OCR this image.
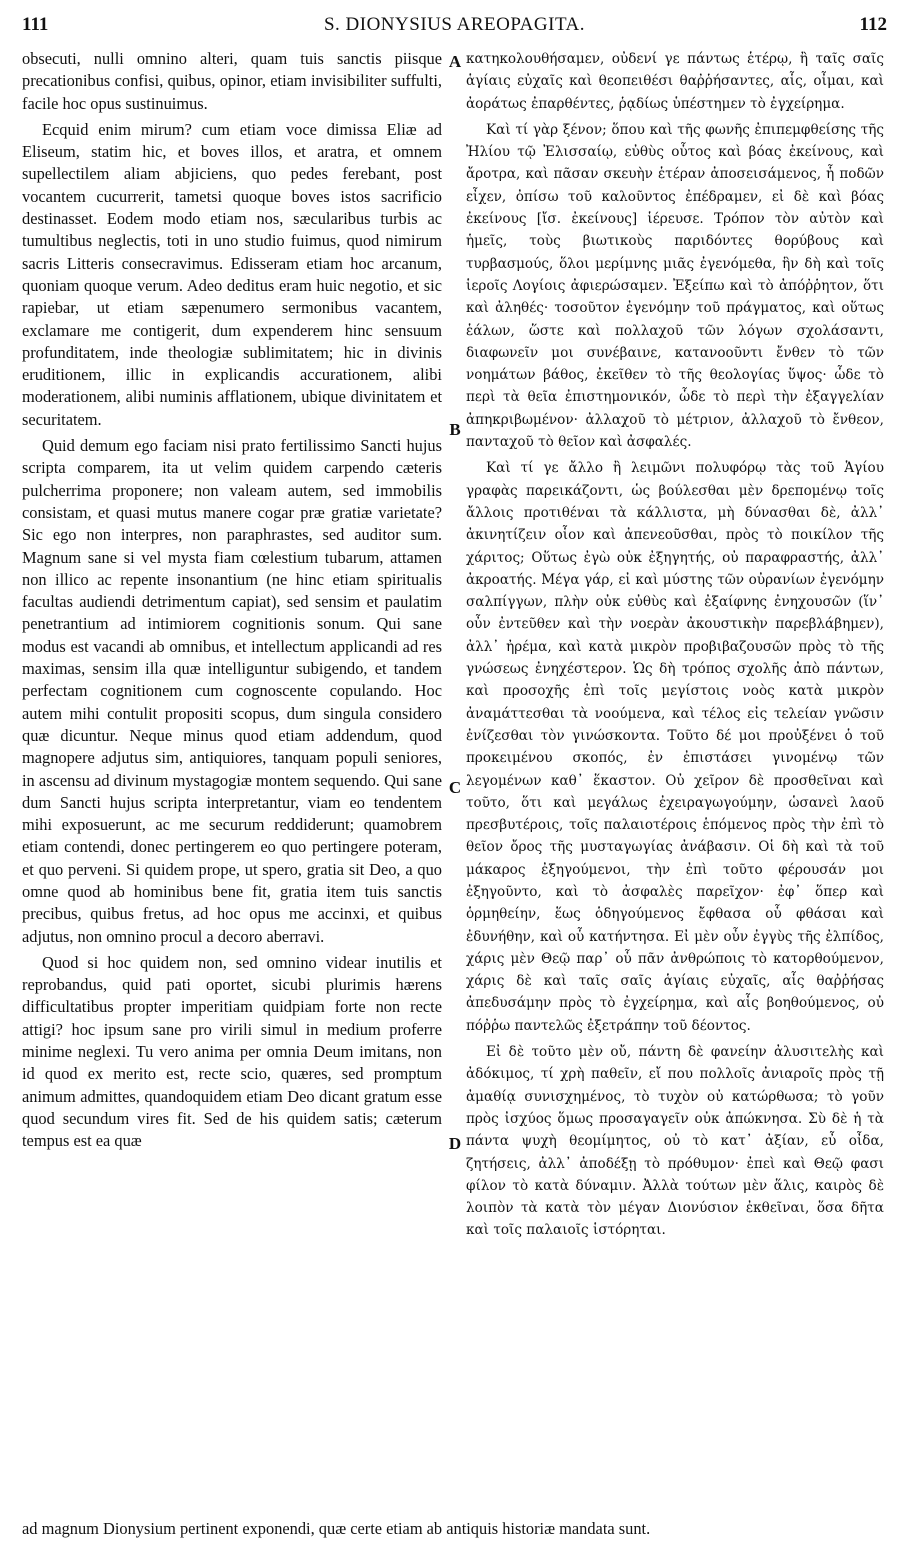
111	S. DIONYSIUS AREOPAGITA.	112

obsecuti, nulli omnino alteri, quam tuis sanctis piisque precationibus confisi, quibus, opinor, etiam invisibiliter suffulti, facile hoc opus sustinuimus.

Ecquid enim mirum? cum etiam voce dimissa Eliæ ad Eliseum, statim hic, et boves illos, et aratra, et omnem supellectilem aliam abjiciens, quo pedes ferebant, post vocantem cucurrerit, tametsi quoque boves istos sacrificio destinasset. Eodem modo etiam nos, sæcularibus turbis ac tumultibus neglectis, toti in uno studio fuimus, quod nimirum sacris Litteris consecravimus. Edisseram etiam hoc arcanum, quoniam quoque verum. Adeo deditus eram huic negotio, et sic rapiebar, ut etiam sæpenumero sermonibus vacantem, exclamare me contigerit, dum expenderem hinc sensuum profunditatem, inde theologiæ sublimitatem; hic in divinis eruditionem, illic in explicandis accurationem, alibi moderationem, alibi numinis afflationem, ubique divinitatem et securitatem.

Quid demum ego faciam nisi prato fertilissimo Sancti hujus scripta comparem, ita ut velim quidem carpendo cæteris pulcherrima proponere; non valeam autem, sed immobilis consistam, et quasi mutus manere cogar præ gratiæ varietate? Sic ego non interpres, non paraphrastes, sed auditor sum. Magnum sane si vel mysta fiam cœlestium tubarum, attamen non illico ac repente insonantium (ne hinc etiam spiritualis facultas audiendi detrimentum capiat), sed sensim et paulatim penetrantium ad intimiorem cognitionis sonum. Qui sane modus est vacandi ab omnibus, et intellectum applicandi ad res maximas, sensim illa quæ intelliguntur subigendo, et tandem perfectam cognitionem cum cognoscente copulando. Hoc autem mihi contulit propositi scopus, dum singula considero quæ dicuntur. Neque minus quod etiam addendum, quod magnopere adjutus sim, antiquiores, tanquam populi seniores, in ascensu ad divinum mystagogiæ montem sequendo. Qui sane dum Sancti hujus scripta interpretantur, viam eo tendentem mihi exposuerunt, ac me securum reddiderunt; quamobrem etiam contendi, donec pertingerem eo quo pertingere poteram, et quo perveni. Si quidem prope, ut spero, gratia sit Deo, a quo omne quod ab hominibus bene fit, gratia item tuis sanctis precibus, quibus fretus, ad hoc opus me accinxi, et quibus adjutus, non omnino procul a decoro aberravi.

Quod si hoc quidem non, sed omnino videar inutilis et reprobandus, quid pati oportet, sicubi plurimis hærens difficultatibus propter imperitiam quidpiam forte non recte attigi? hoc ipsum sane pro virili simul in medium proferre minime neglexi. Tu vero anima per omnia Deum imitans, non id quod ex merito est, recte scio, quæres, sed promptum animum admittes, quandoquidem etiam Deo dicant gratum esse quod secundum vires fit. Sed de his quidem satis; cæterum tempus est ea quæ

A
B
C
D

κατηκολουθήσαμεν, οὐδενί γε πάντως ἑτέρῳ, ἢ ταῖς σαῖς ἁγίαις εὐχαῖς καὶ θεοπειθέσι θαῤῥήσαντες, αἷς, οἶμαι, καὶ ἀοράτως ἐπαρθέντες, ῥᾳδίως ὑπέστημεν τὸ ἐγχείρημα.

Καὶ τί γὰρ ξένον; ὅπου καὶ τῆς φωνῆς ἐπιπεμφθείσης τῆς Ἠλίου τῷ Ἐλισσαίῳ, εὐθὺς οὗτος καὶ βόας ἐκείνους, καὶ ἄροτρα, καὶ πᾶσαν σκευὴν ἑτέραν ἀποσεισάμενος, ἧ ποδῶν εἶχεν, ὀπίσω τοῦ καλοῦντος ἐπέδραμεν, εἰ δὲ καὶ βόας ἐκείνους [ἴσ. ἐκείνους] ἱέρευσε. Τρόπον τὸν αὐτὸν καὶ ἡμεῖς, τοὺς βιωτικοὺς παριδόντες θορύβους καὶ τυρβασμούς, ὅλοι μερίμνης μιᾶς ἐγενόμεθα, ἣν δὴ καὶ τοῖς ἱεροῖς Λογίοις ἀφιερώσαμεν. Ἐξείπω καὶ τὸ ἀπόῤῥητον, ὅτι καὶ ἀληθές· τοσοῦτον ἐγενόμην τοῦ πράγματος, καὶ οὕτως ἑάλων, ὥστε καὶ πολλαχοῦ τῶν λόγων σχολάσαντι, διαφωνεῖν μοι συνέβαινε, κατανοοῦντι ἔνθεν τὸ τῶν νοημάτων βάθος, ἐκεῖθεν τὸ τῆς θεολογίας ὕψος· ὧδε τὸ περὶ τὰ θεῖα ἐπιστημονικόν, ὧδε τὸ περὶ τὴν ἐξαγγελίαν ἀπηκριβωμένον· ἀλλαχοῦ τὸ μέτριον, ἀλλαχοῦ τὸ ἔνθεον, πανταχοῦ τὸ θεῖον καὶ ἀσφαλές.

Καὶ τί γε ἄλλο ἢ λειμῶνι πολυφόρῳ τὰς τοῦ Ἁγίου γραφὰς παρεικάζοντι, ὡς βούλεσθαι μὲν δρεπομένῳ τοῖς ἄλλοις προτιθέναι τὰ κάλλιστα, μὴ δύνασθαι δὲ, ἀλλ᾽ ἀκινητίζειν οἷον καὶ ἀπενεοῦσθαι, πρὸς τὸ ποικίλον τῆς χάριτος; Οὕτως ἐγὼ οὐκ ἐξηγητής, οὐ παραφραστής, ἀλλ᾽ ἀκροατής. Μέγα γάρ, εἰ καὶ μύστης τῶν οὐρανίων ἐγενόμην σαλπίγγων, πλὴν οὐκ εὐθὺς καὶ ἐξαίφνης ἐνηχουσῶν (ἵν᾽ οὖν ἐντεῦθεν καὶ τὴν νοερὰν ἀκουστικὴν παρεβλάβημεν), ἀλλ᾽ ἠρέμα, καὶ κατὰ μικρὸν προβιβαζουσῶν πρὸς τὸ τῆς γνώσεως ἐνηχέστερον. Ὡς δὴ τρόπος σχολῆς ἀπὸ πάντων, καὶ προσοχῆς ἐπὶ τοῖς μεγίστοις νοὸς κατὰ μικρὸν ἀναμάττεσθαι τὰ νοούμενα, καὶ τέλος εἰς τελείαν γνῶσιν ἐνίζεσθαι τὸν γινώσκοντα. Τοῦτο δέ μοι προὐξένει ὁ τοῦ προκειμένου σκοπός, ἐν ἐπιστάσει γινομένῳ τῶν λεγομένων καθ᾽ ἕκαστον. Οὐ χεῖρον δὲ προσθεῖναι καὶ τοῦτο, ὅτι καὶ μεγάλως ἐχειραγωγούμην, ὡσανεὶ λαοῦ πρεσβυτέροις, τοῖς παλαιοτέροις ἑπόμενος πρὸς τὴν ἐπὶ τὸ θεῖον ὄρος τῆς μυσταγωγίας ἀνάβασιν. Οἱ δὴ καὶ τὰ τοῦ μάκαρος ἐξηγούμενοι, τὴν ἐπὶ τοῦτο φέρουσάν μοι ἐξηγοῦντο, καὶ τὸ ἀσφαλὲς παρεῖχον· ἐφ᾽ ὅπερ καὶ ὁρμηθείην, ἕως ὁδηγούμενος ἔφθασα οὗ φθάσαι καὶ ἐδυνήθην, καὶ οὗ κατήντησα. Εἰ μὲν οὖν ἐγγὺς τῆς ἐλπίδος, χάρις μὲν Θεῷ παρ᾽ οὗ πᾶν ἀνθρώποις τὸ κατορθούμενον, χάρις δὲ καὶ ταῖς σαῖς ἁγίαις εὐχαῖς, αἷς θαῤῥήσας ἀπεδυσάμην πρὸς τὸ ἐγχείρημα, καὶ αἷς βοηθούμενος, οὐ πόῤῥω παντελῶς ἐξετράπην τοῦ δέοντος.

Εἰ δὲ τοῦτο μὲν οὔ, πάντη δὲ φανείην ἀλυσιτελὴς καὶ ἀδόκιμος, τί χρὴ παθεῖν, εἴ που πολλοῖς ἀνιαροῖς πρὸς τῇ ἀμαθίᾳ συνισχημένος, τὸ τυχὸν οὐ κατώρθωσα; τὸ γοῦν πρὸς ἰσχύος ὅμως προσαγαγεῖν οὐκ ἀπώκνησα. Σὺ δὲ ἡ τὰ πάντα ψυχὴ θεομίμητος, οὐ τὸ κατ᾽ ἀξίαν, εὖ οἶδα, ζητήσεις, ἀλλ᾽ ἀποδέξῃ τὸ πρόθυμον· ἐπεὶ καὶ Θεῷ φασι φίλον τὸ κατὰ δύναμιν. Ἀλλὰ τούτων μὲν ἅλις, καιρὸς δὲ λοιπὸν τὰ κατὰ τὸν μέγαν Διονύσιον ἐκθεῖναι, ὅσα δῆτα καὶ τοῖς παλαιοῖς ἱστόρηται.

ad magnum Dionysium pertinent exponendi, quæ certe etiam ab antiquis historiæ mandata sunt.
